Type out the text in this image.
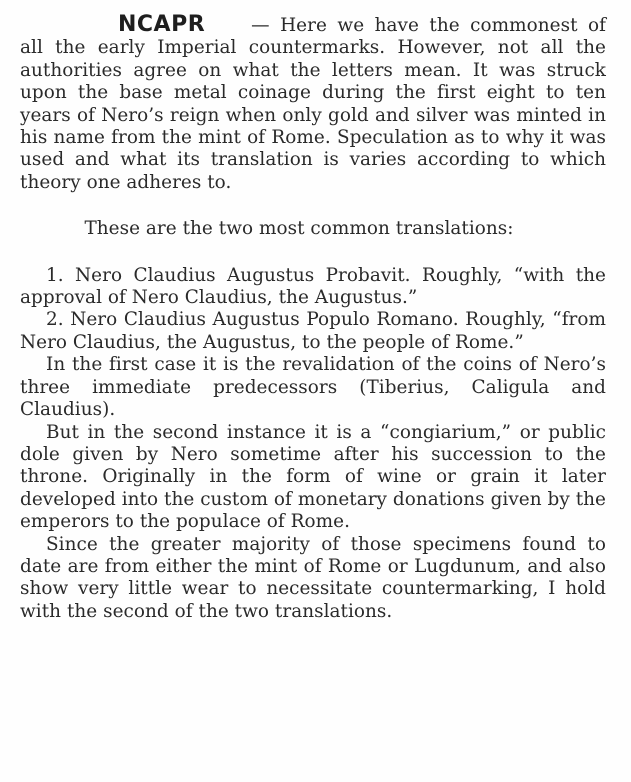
NCAPR	— Here we have the commonest of all the early Imperial countermarks. However, not all the authorities agree on what the letters mean. It was struck upon the base metal coinage during the first eight to ten years of Nero’s reign when only gold and silver was minted in his name from the mint of Rome. Speculation as to why it was used and what its translation is varies according to which theory one adheres to.

These are the two most common translations:

1. Nero Claudius Augustus Probavit. Roughly, “with the approval of Nero Claudius, the Augustus.”

2. Nero Claudius Augustus Populo Romano. Roughly, “from Nero Claudius, the Augustus, to the people of Rome.”

In the first case it is the revalidation of the coins of Nero’s three immediate predecessors (Tiberius, Caligula and Claudius).

But in the second instance it is a “congiarium,” or public dole given by Nero sometime after his succession to the throne. Originally in the form of wine or grain it later developed into the custom of monetary donations given by the emperors to the populace of Rome.

Since the greater majority of those specimens found to date are from either the mint of Rome or Lugdunum, and also show very little wear to necessitate countermarking, I hold with the second of the two translations.
